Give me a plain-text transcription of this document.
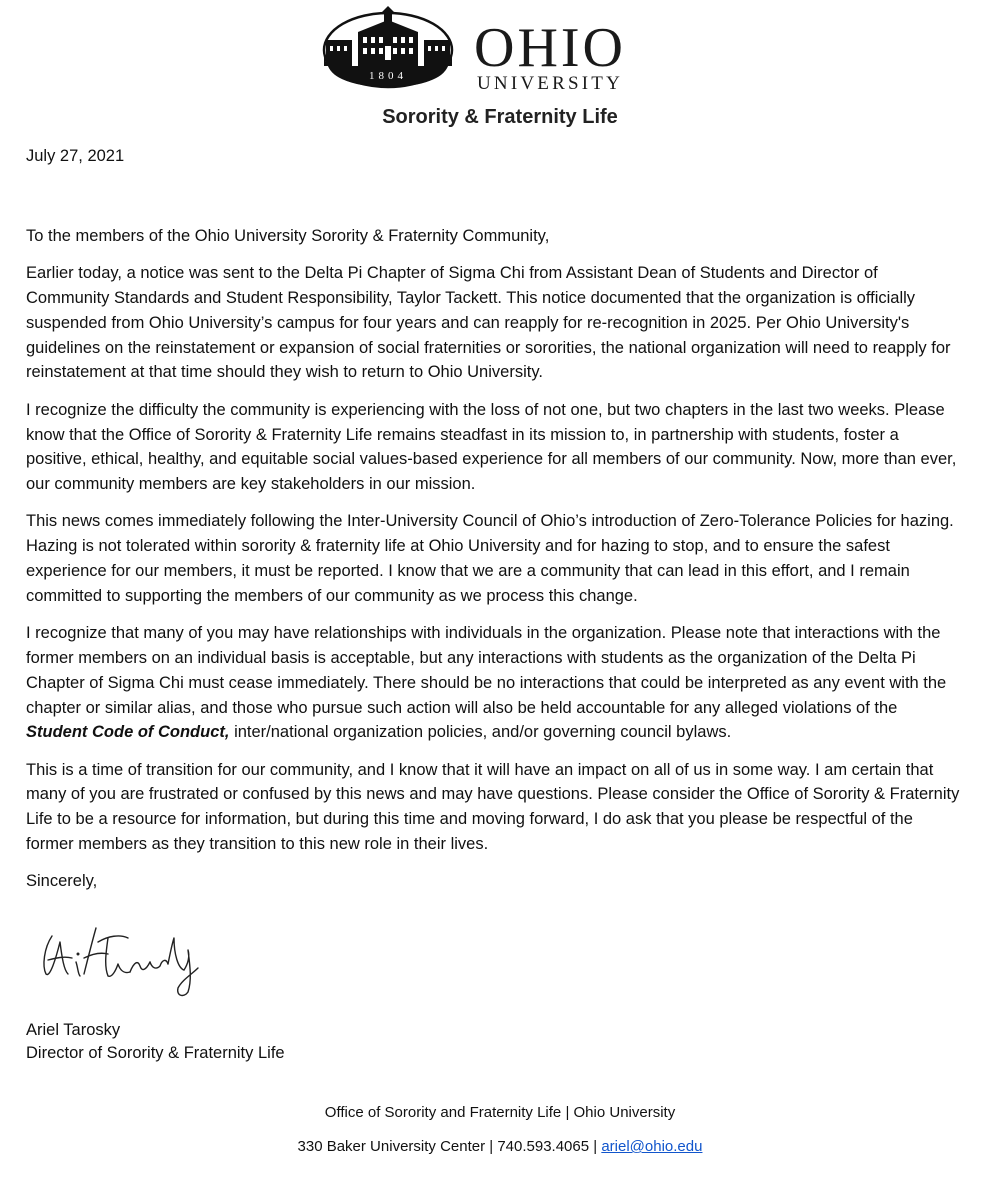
1804 OHIO
UNIVERSITY
Sorority & Fraternity Life
July 27, 2021

To the members of the Ohio University Sorority & Fraternity Community,

Earlier today, a notice was sent to the Delta Pi Chapter of Sigma Chi from Assistant Dean of Students and Director of Community Standards and Student Responsibility, Taylor Tackett. This notice documented that the organization is officially suspended from Ohio University’s campus for four years and can reapply for re-recognition in 2025. Per Ohio University's guidelines on the reinstatement or expansion of social fraternities or sororities, the national organization will need to reapply for reinstatement at that time should they wish to return to Ohio University.

I recognize the difficulty the community is experiencing with the loss of not one, but two chapters in the last two weeks. Please know that the Office of Sorority & Fraternity Life remains steadfast in its mission to, in partnership with students, foster a positive, ethical, healthy, and equitable social values-based experience for all members of our community. Now, more than ever, our community members are key stakeholders in our mission.

This news comes immediately following the Inter-University Council of Ohio’s introduction of Zero-Tolerance Policies for hazing. Hazing is not tolerated within sorority & fraternity life at Ohio University and for hazing to stop, and to ensure the safest experience for our members, it must be reported. I know that we are a community that can lead in this effort, and I remain committed to supporting the members of our community as we process this change.

I recognize that many of you may have relationships with individuals in the organization. Please note that interactions with the former members on an individual basis is acceptable, but any interactions with students as the organization of the Delta Pi Chapter of Sigma Chi must cease immediately. There should be no interactions that could be interpreted as any event with the chapter or similar alias, and those who pursue such action will also be held accountable for any alleged violations of the Student Code of Conduct, inter/national organization policies, and/or governing council bylaws.

This is a time of transition for our community, and I know that it will have an impact on all of us in some way. I am certain that many of you are frustrated or confused by this news and may have questions. Please consider the Office of Sorority & Fraternity Life to be a resource for information, but during this time and moving forward, I do ask that you please be respectful of the former members as they transition to this new role in their lives.

Sincerely,

Ariel Tarosky
Director of Sorority & Fraternity Life
Office of Sorority and Fraternity Life | Ohio University
330 Baker University Center | 740.593.4065 | ariel@ohio.edu
